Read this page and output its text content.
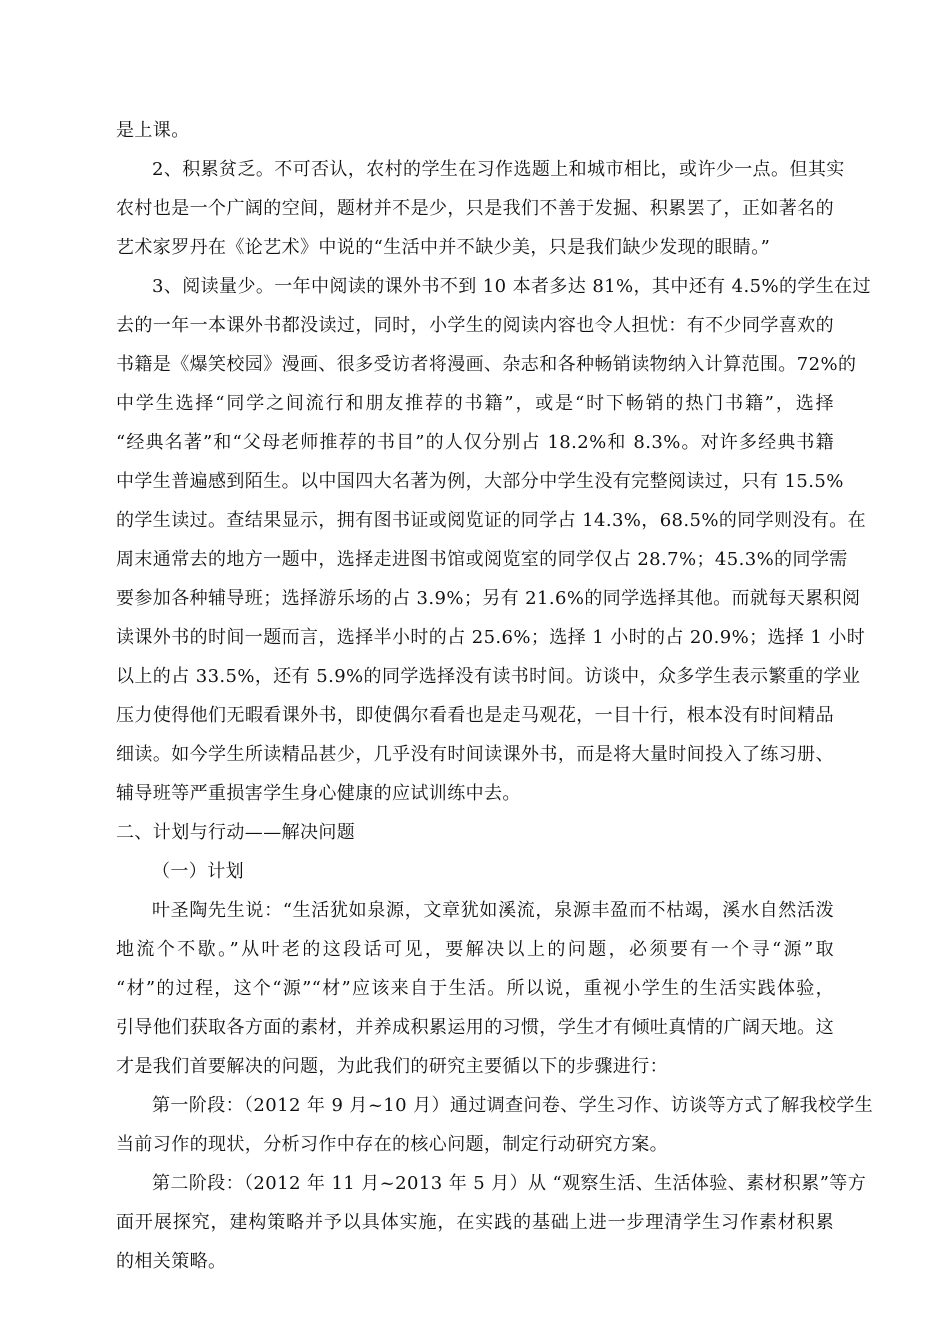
是上课。
2、积累贫乏。不可否认，农村的学生在习作选题上和城市相比，或许少一点。但其实
农村也是一个广阔的空间，题材并不是少，只是我们不善于发掘、积累罢了，正如著名的
艺术家罗丹在《论艺术》中说的“生活中并不缺少美，只是我们缺少发现的眼睛。”
3、阅读量少。一年中阅读的课外书不到 10 本者多达 81%，其中还有 4.5%的学生在过
去的一年一本课外书都没读过，同时，小学生的阅读内容也令人担忧：有不少同学喜欢的
书籍是《爆笑校园》漫画、很多受访者将漫画、杂志和各种畅销读物纳入计算范围。72%的
中学生选择“同学之间流行和朋友推荐的书籍”，或是“时下畅销的热门书籍”，选择
“经典名著”和“父母老师推荐的书目”的人仅分别占 18.2%和 8.3%。对许多经典书籍
中学生普遍感到陌生。以中国四大名著为例，大部分中学生没有完整阅读过，只有 15.5%
的学生读过。查结果显示，拥有图书证或阅览证的同学占 14.3%，68.5%的同学则没有。在
周末通常去的地方一题中，选择走进图书馆或阅览室的同学仅占 28.7%；45.3%的同学需
要参加各种辅导班；选择游乐场的占 3.9%；另有 21.6%的同学选择其他。而就每天累积阅
读课外书的时间一题而言，选择半小时的占 25.6%；选择 1 小时的占 20.9%；选择 1 小时
以上的占 33.5%，还有 5.9%的同学选择没有读书时间。访谈中，众多学生表示繁重的学业
压力使得他们无暇看课外书，即使偶尔看看也是走马观花，一目十行，根本没有时间精品
细读。如今学生所读精品甚少，几乎没有时间读课外书，而是将大量时间投入了练习册、
辅导班等严重损害学生身心健康的应试训练中去。
二、计划与行动——解决问题
（一）计划
叶圣陶先生说：“生活犹如泉源，文章犹如溪流，泉源丰盈而不枯竭，溪水自然活泼
地流个不歇。”从叶老的这段话可见，要解决以上的问题，必须要有一个寻“源”取
“材”的过程，这个“源”“材”应该来自于生活。所以说，重视小学生的生活实践体验，
引导他们获取各方面的素材，并养成积累运用的习惯，学生才有倾吐真情的广阔天地。这
才是我们首要解决的问题，为此我们的研究主要循以下的步骤进行：
第一阶段：（2012 年 9 月~10 月）通过调查问卷、学生习作、访谈等方式了解我校学生
当前习作的现状，分析习作中存在的核心问题，制定行动研究方案。
第二阶段：（2012 年 11 月~2013 年 5 月）从 “观察生活、生活体验、素材积累”等方
面开展探究，建构策略并予以具体实施，在实践的基础上进一步理清学生习作素材积累
的相关策略。
